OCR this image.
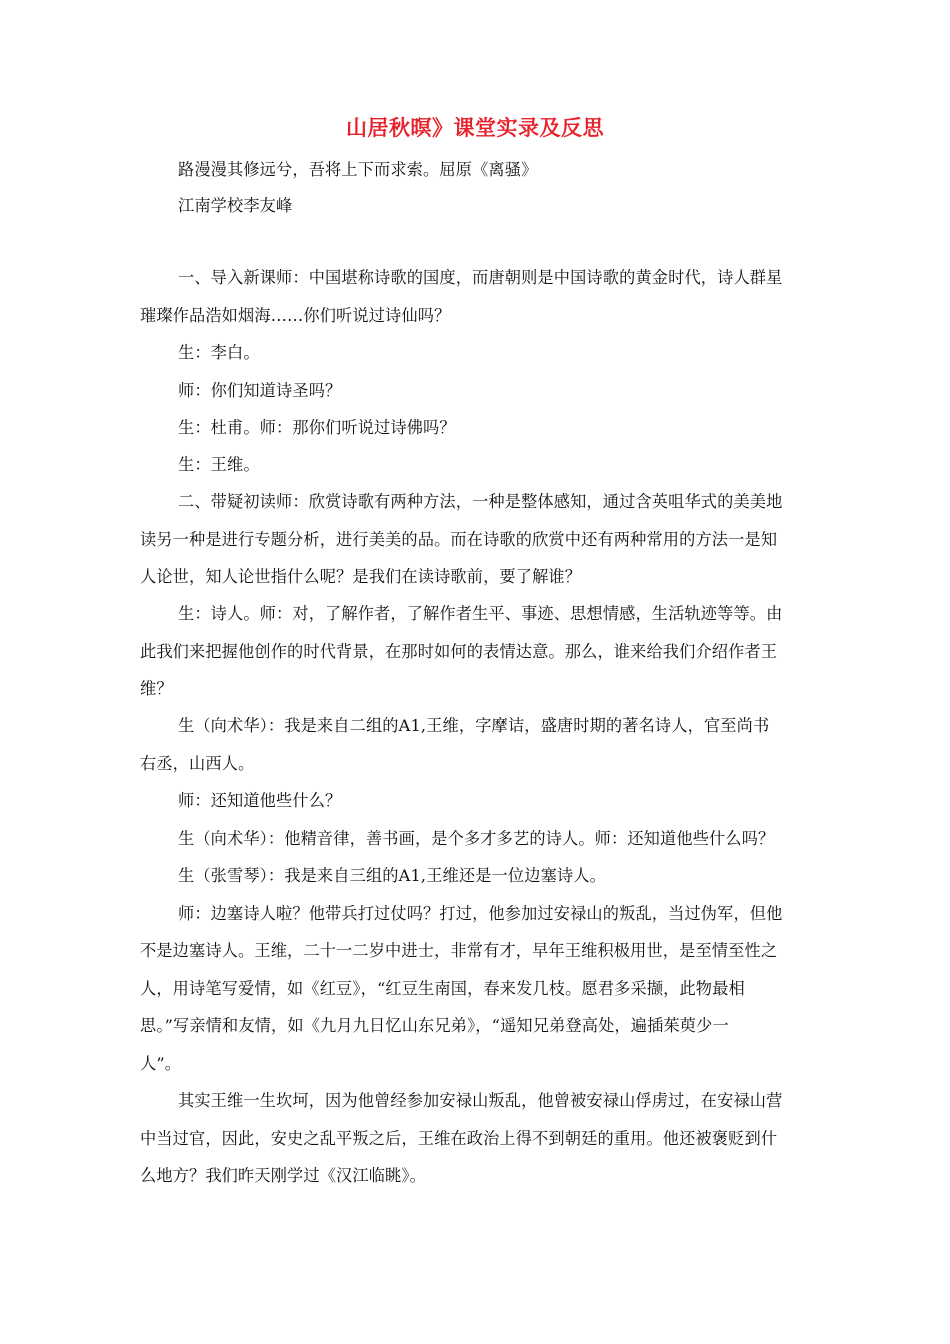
山居秋暝》课堂实录及反思
路漫漫其修远兮，吾将上下而求索。屈原《离骚》
江南学校李友峰
一、导入新课师：中国堪称诗歌的国度，而唐朝则是中国诗歌的黄金时代，诗人群星
璀璨作品浩如烟海……你们听说过诗仙吗？
生：李白。
师：你们知道诗圣吗？
生：杜甫。师：那你们听说过诗佛吗？
生：王维。
二、带疑初读师：欣赏诗歌有两种方法，一种是整体感知，通过含英咀华式的美美地
读另一种是进行专题分析，进行美美的品。而在诗歌的欣赏中还有两种常用的方法一是知
人论世，知人论世指什么呢？是我们在读诗歌前，要了解谁？
生：诗人。师：对，了解作者，了解作者生平、事迹、思想情感，生活轨迹等等。由
此我们来把握他创作的时代背景，在那时如何的表情达意。那么，谁来给我们介绍作者王
维？
生（向术华）：我是来自二组的A1,王维，字摩诘，盛唐时期的著名诗人，官至尚书
右丞，山西人。
师：还知道他些什么？
生（向术华）：他精音律，善书画，是个多才多艺的诗人。师：还知道他些什么吗？
生（张雪琴）：我是来自三组的A1,王维还是一位边塞诗人。
师：边塞诗人啦？他带兵打过仗吗？打过，他参加过安禄山的叛乱，当过伪军，但他
不是边塞诗人。王维，二十一二岁中进士，非常有才，早年王维积极用世，是至情至性之
人，用诗笔写爱情，如《红豆》，“红豆生南国，春来发几枝。愿君多采撷，此物最相
思。”写亲情和友情，如《九月九日忆山东兄弟》，“遥知兄弟登高处，遍插茱萸少一
人”。
其实王维一生坎坷，因为他曾经参加安禄山叛乱，他曾被安禄山俘虏过，在安禄山营
中当过官，因此，安史之乱平叛之后，王维在政治上得不到朝廷的重用。他还被褒贬到什
么地方？我们昨天刚学过《汉江临眺》。
